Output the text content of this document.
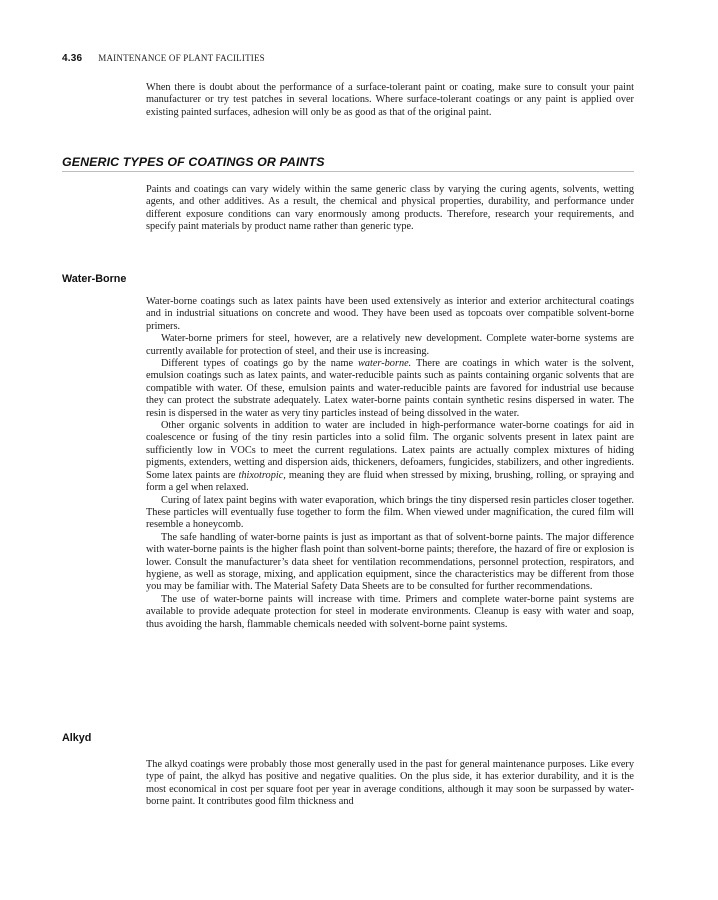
4.36 MAINTENANCE OF PLANT FACILITIES

When there is doubt about the performance of a surface-tolerant paint or coating, make sure to consult your paint manufacturer or try test patches in several locations. Where surface-tolerant coatings or any paint is applied over existing painted surfaces, adhesion will only be as good as that of the original paint.

GENERIC TYPES OF COATINGS OR PAINTS

Paints and coatings can vary widely within the same generic class by varying the curing agents, solvents, wetting agents, and other additives. As a result, the chemical and physical properties, durability, and performance under different exposure conditions can vary enormously among products. Therefore, research your requirements, and specify paint materials by product name rather than generic type.

Water-Borne

Water-borne coatings such as latex paints have been used extensively as interior and exterior architectural coatings and in industrial situations on concrete and wood. They have been used as topcoats over compatible solvent-borne primers.

Water-borne primers for steel, however, are a relatively new development. Complete water-borne systems are currently available for protection of steel, and their use is increasing.

Different types of coatings go by the name water-borne. There are coatings in which water is the solvent, emulsion coatings such as latex paints, and water-reducible paints such as paints containing organic solvents that are compatible with water. Of these, emulsion paints and water-reducible paints are favored for industrial use because they can protect the substrate adequately. Latex water-borne paints contain synthetic resins dispersed in water. The resin is dispersed in the water as very tiny particles instead of being dissolved in the water.

Other organic solvents in addition to water are included in high-performance water-borne coatings for aid in coalescence or fusing of the tiny resin particles into a solid film. The organic solvents present in latex paint are sufficiently low in VOCs to meet the current regulations. Latex paints are actually complex mixtures of hiding pigments, extenders, wetting and dispersion aids, thickeners, defoamers, fungicides, stabilizers, and other ingredients. Some latex paints are thixotropic, meaning they are fluid when stressed by mixing, brushing, rolling, or spraying and form a gel when relaxed.

Curing of latex paint begins with water evaporation, which brings the tiny dispersed resin particles closer together. These particles will eventually fuse together to form the film. When viewed under magnification, the cured film will resemble a honeycomb.

The safe handling of water-borne paints is just as important as that of solvent-borne paints. The major difference with water-borne paints is the higher flash point than solvent-borne paints; therefore, the hazard of fire or explosion is lower. Consult the manufacturer’s data sheet for ventilation recommendations, personnel protection, respirators, and hygiene, as well as storage, mixing, and application equipment, since the characteristics may be different from those you may be familiar with. The Material Safety Data Sheets are to be consulted for further recommendations.

The use of water-borne paints will increase with time. Primers and complete water-borne paint systems are available to provide adequate protection for steel in moderate environments. Cleanup is easy with water and soap, thus avoiding the harsh, flammable chemicals needed with solvent-borne paint systems.

Alkyd

The alkyd coatings were probably those most generally used in the past for general maintenance purposes. Like every type of paint, the alkyd has positive and negative qualities. On the plus side, it has exterior durability, and it is the most economical in cost per square foot per year in average conditions, although it may soon be surpassed by water-borne paint. It contributes good film thickness and
